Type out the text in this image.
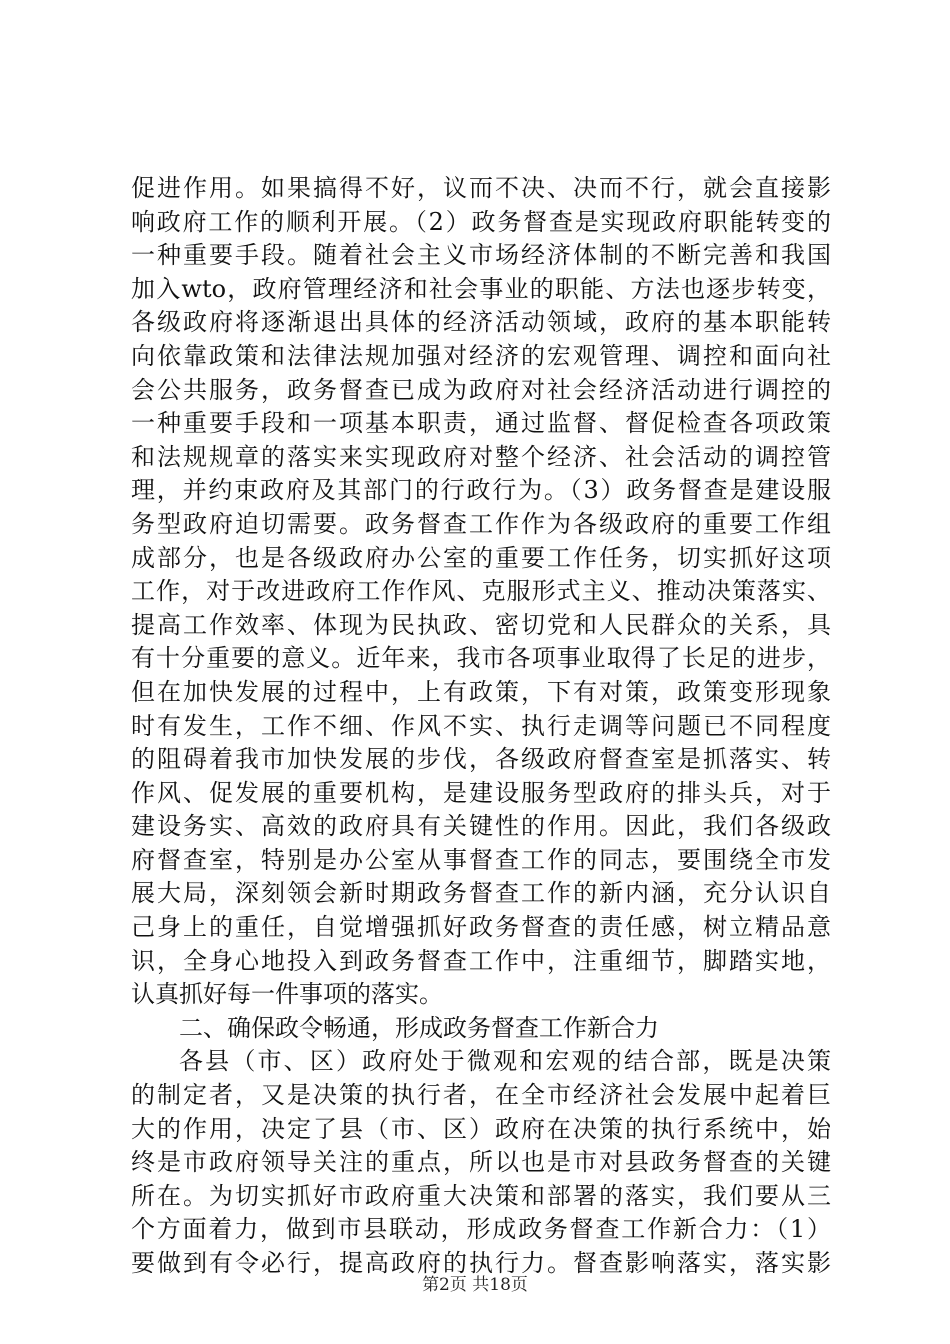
促进作用。如果搞得不好，议而不决、决而不行，就会直接影
响政府工作的顺利开展。（2）政务督查是实现政府职能转变的
一种重要手段。随着社会主义市场经济体制的不断完善和我国
加入wto，政府管理经济和社会事业的职能、方法也逐步转变，
各级政府将逐渐退出具体的经济活动领域，政府的基本职能转
向依靠政策和法律法规加强对经济的宏观管理、调控和面向社
会公共服务，政务督查已成为政府对社会经济活动进行调控的
一种重要手段和一项基本职责，通过监督、督促检查各项政策
和法规规章的落实来实现政府对整个经济、社会活动的调控管
理，并约束政府及其部门的行政行为。（3）政务督查是建设服
务型政府迫切需要。政务督查工作作为各级政府的重要工作组
成部分，也是各级政府办公室的重要工作任务，切实抓好这项
工作，对于改进政府工作作风、克服形式主义、推动决策落实、
提高工作效率、体现为民执政、密切党和人民群众的关系，具
有十分重要的意义。近年来，我市各项事业取得了长足的进步，
但在加快发展的过程中，上有政策，下有对策，政策变形现象
时有发生，工作不细、作风不实、执行走调等问题已不同程度
的阻碍着我市加快发展的步伐，各级政府督查室是抓落实、转
作风、促发展的重要机构，是建设服务型政府的排头兵，对于
建设务实、高效的政府具有关键性的作用。因此，我们各级政
府督查室，特别是办公室从事督查工作的同志，要围绕全市发
展大局，深刻领会新时期政务督查工作的新内涵，充分认识自
己身上的重任，自觉增强抓好政务督查的责任感，树立精品意
识，全身心地投入到政务督查工作中，注重细节，脚踏实地，
认真抓好每一件事项的落实。
二、确保政令畅通，形成政务督查工作新合力
各县（市、区）政府处于微观和宏观的结合部，既是决策
的制定者，又是决策的执行者，在全市经济社会发展中起着巨
大的作用，决定了县（市、区）政府在决策的执行系统中，始
终是市政府领导关注的重点，所以也是市对县政务督查的关键
所在。为切实抓好市政府重大决策和部署的落实，我们要从三
个方面着力，做到市县联动，形成政务督查工作新合力：（1）
要做到有令必行，提高政府的执行力。督查影响落实，落实影
第2页 共18页
